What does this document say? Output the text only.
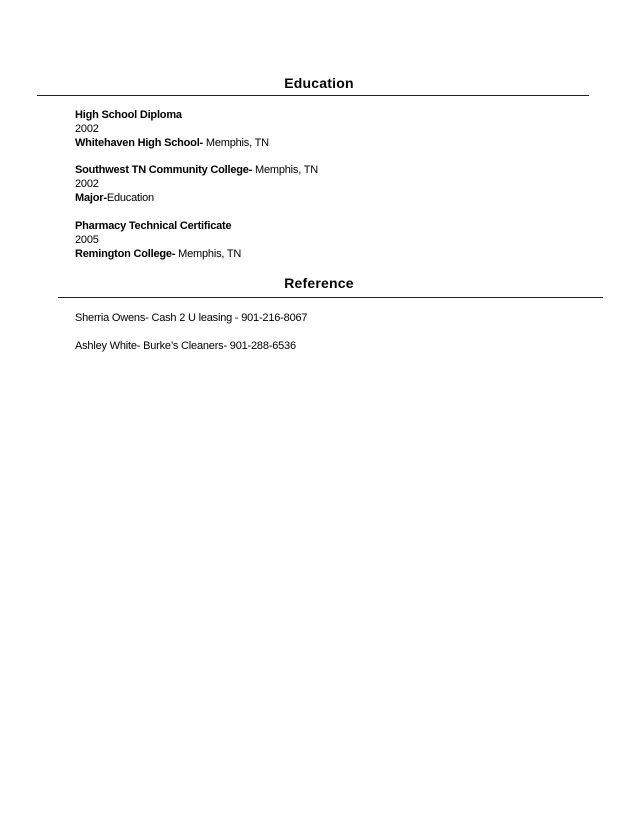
Education
High School Diploma
2002
Whitehaven High School- Memphis, TN
Southwest TN Community College- Memphis, TN
2002
Major-Education
Pharmacy Technical Certificate
2005
Remington College- Memphis, TN
Reference
Sherria Owens- Cash 2 U leasing - 901-216-8067
Ashley White- Burke’s Cleaners- 901-288-6536
